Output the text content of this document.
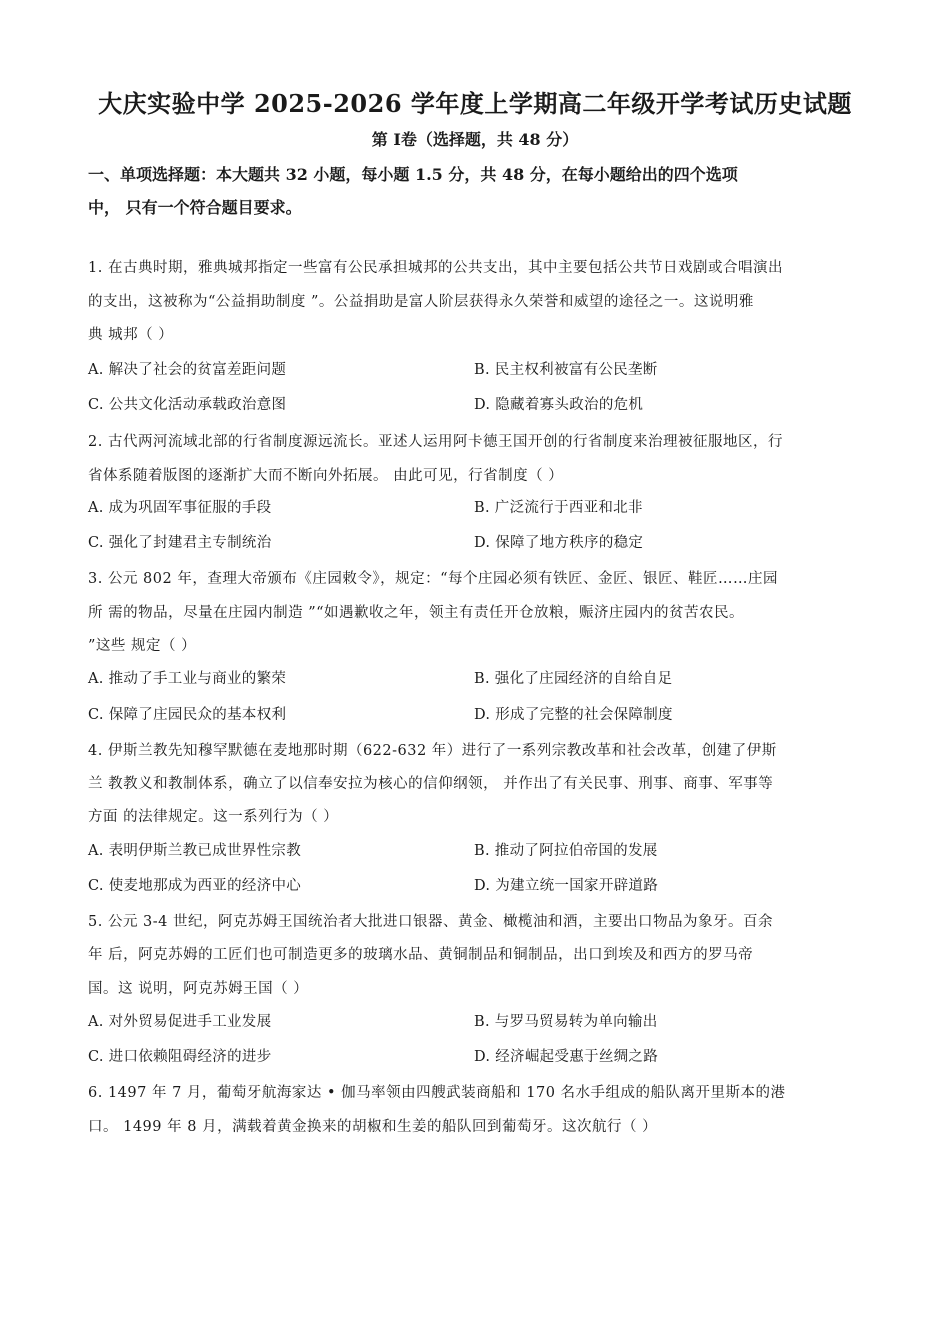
大庆实验中学 2025-2026 学年度上学期高二年级开学考试历史试题
第 Ⅰ卷（选择题，共 48 分）
一、单项选择题：本大题共 32 小题，每小题 1.5 分，共 48 分，在每小题给出的四个选项
中， 只有一个符合题目要求。
1. 在古典时期，雅典城邦指定一些富有公民承担城邦的公共支出，其中主要包括公共节日戏剧或合唱演出
的支出，这被称为“公益捐助制度 ”。公益捐助是富人阶层获得永久荣誉和威望的途径之一。这说明雅
典 城邦（ ）
A. 解决了社会的贫富差距问题	B. 民主权利被富有公民垄断
C. 公共文化活动承载政治意图	D. 隐藏着寡头政治的危机
2. 古代两河流域北部的行省制度源远流长。亚述人运用阿卡德王国开创的行省制度来治理被征服地区，行
省体系随着版图的逐渐扩大而不断向外拓展。 由此可见，行省制度（ ）
A. 成为巩固军事征服的手段	B. 广泛流行于西亚和北非
C. 强化了封建君主专制统治	D. 保障了地方秩序的稳定
3. 公元 802 年，查理大帝颁布《庄园敕令》，规定：“每个庄园必须有铁匠、金匠、银匠、鞋匠……庄园
所 需的物品，尽量在庄园内制造 ”“如遇歉收之年，领主有责任开仓放粮，赈济庄园内的贫苦农民。
”这些 规定（ ）
A. 推动了手工业与商业的繁荣	B. 强化了庄园经济的自给自足
C. 保障了庄园民众的基本权利	D. 形成了完整的社会保障制度
4. 伊斯兰教先知穆罕默德在麦地那时期（622-632 年）进行了一系列宗教改革和社会改革，创建了伊斯
兰 教教义和教制体系，确立了以信奉安拉为核心的信仰纲领， 并作出了有关民事、刑事、商事、军事等
方面 的法律规定。这一系列行为（ ）
A. 表明伊斯兰教已成世界性宗教	B. 推动了阿拉伯帝国的发展
C. 使麦地那成为西亚的经济中心	D. 为建立统一国家开辟道路
5. 公元 3-4 世纪，阿克苏姆王国统治者大批进口银器、黄金、橄榄油和酒，主要出口物品为象牙。百余
年 后，阿克苏姆的工匠们也可制造更多的玻璃水品、黄铜制品和铜制品，出口到埃及和西方的罗马帝
国。这 说明，阿克苏姆王国（ ）
A. 对外贸易促进手工业发展	B. 与罗马贸易转为单向输出
C. 进口依赖阻碍经济的进步	D. 经济崛起受惠于丝绸之路
6. 1497 年 7 月，葡萄牙航海家达 • 伽马率领由四艘武装商船和 170 名水手组成的船队离开里斯本的港
口。 1499 年 8 月，满载着黄金换来的胡椒和生姜的船队回到葡萄牙。这次航行（ ）
